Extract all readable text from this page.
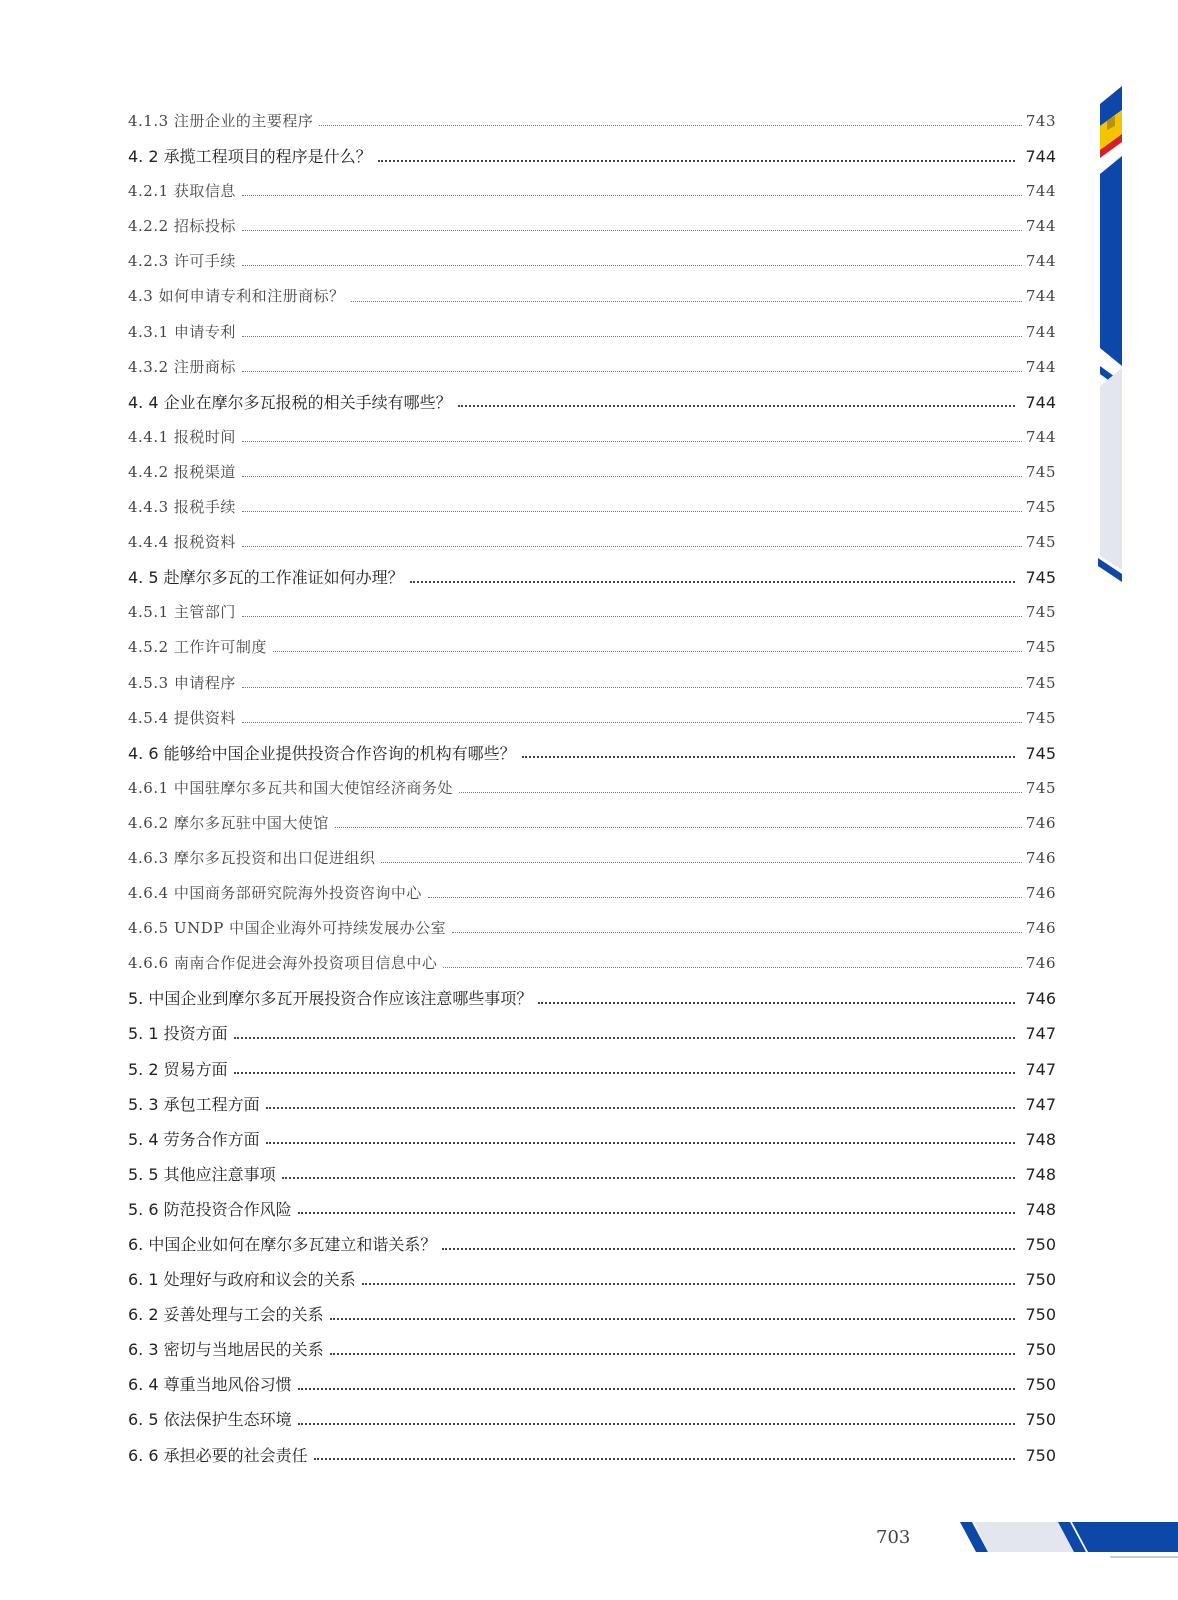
4.1.3 注册企业的主要程序	743
4. 2 承揽工程项目的程序是什么？	744
4.2.1 获取信息	744
4.2.2 招标投标	744
4.2.3 许可手续	744
4.3 如何申请专利和注册商标？	744
4.3.1 申请专利	744
4.3.2 注册商标	744
4. 4 企业在摩尔多瓦报税的相关手续有哪些？	744
4.4.1 报税时间	744
4.4.2 报税渠道	745
4.4.3 报税手续	745
4.4.4 报税资料	745
4. 5 赴摩尔多瓦的工作准证如何办理？	745
4.5.1 主管部门	745
4.5.2 工作许可制度	745
4.5.3 申请程序	745
4.5.4 提供资料	745
4. 6 能够给中国企业提供投资合作咨询的机构有哪些？	745
4.6.1 中国驻摩尔多瓦共和国大使馆经济商务处	745
4.6.2 摩尔多瓦驻中国大使馆	746
4.6.3 摩尔多瓦投资和出口促进组织	746
4.6.4 中国商务部研究院海外投资咨询中心	746
4.6.5 UNDP 中国企业海外可持续发展办公室	746
4.6.6 南南合作促进会海外投资项目信息中心	746
5. 中国企业到摩尔多瓦开展投资合作应该注意哪些事项？	746
5. 1 投资方面	747
5. 2 贸易方面	747
5. 3 承包工程方面	747
5. 4 劳务合作方面	748
5. 5 其他应注意事项	748
5. 6 防范投资合作风险	748
6. 中国企业如何在摩尔多瓦建立和谐关系？	750
6. 1 处理好与政府和议会的关系	750
6. 2 妥善处理与工会的关系	750
6. 3 密切与当地居民的关系	750
6. 4 尊重当地风俗习惯	750
6. 5 依法保护生态环境	750
6. 6 承担必要的社会责任	750
703
